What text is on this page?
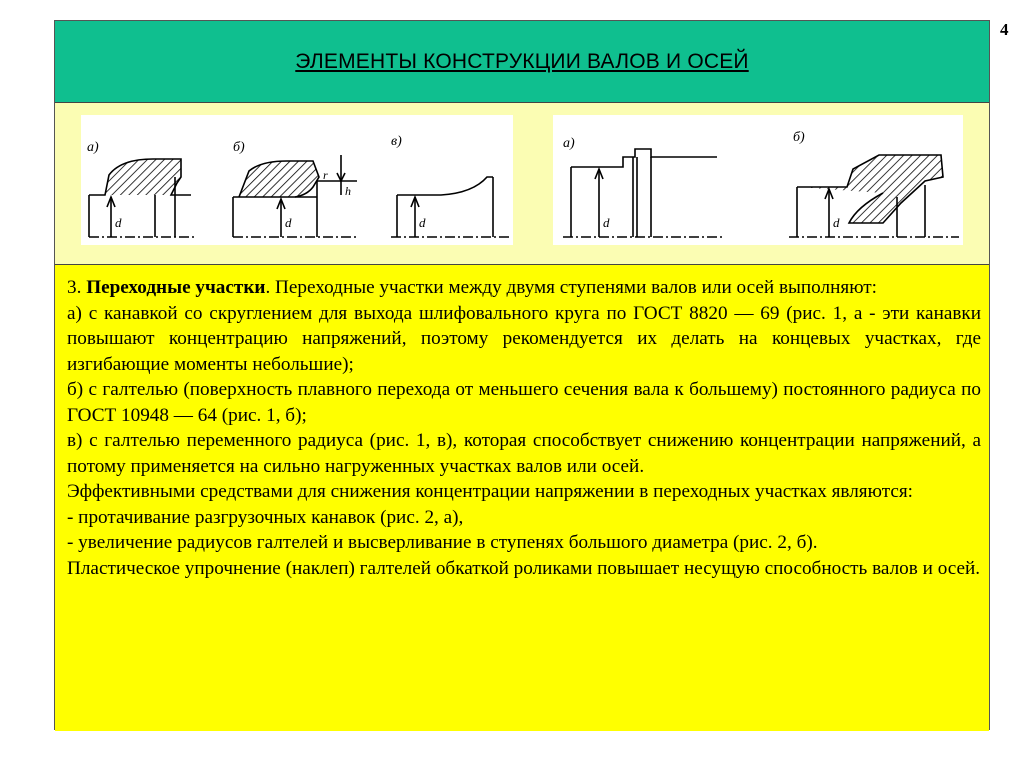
4
ЭЛЕМЕНТЫ КОНСТРУКЦИИ ВАЛОВ И ОСЕЙ
а)	б)	в)
d	d
r
h
d
а)	б)
d	d

3. Переходные участки. Переходные участки между двумя ступенями валов или осей выполняют:

а) с канавкой со скруглением для выхода шлифовального круга по ГОСТ 8820 — 69 (рис. 1, а - эти канавки повышают концентрацию напряжений, поэтому рекомендуется их делать на концевых участках, где изгибающие моменты небольшие);

б) с галтелью (поверхность плавного перехода от меньшего сечения вала к большему) постоянного радиуса по ГОСТ 10948 — 64 (рис. 1, б);

в) с галтелью переменного радиуса (рис. 1, в), которая способствует снижению концентрации напряжений, а потому применяется на сильно нагруженных участках валов или осей.

Эффективными средствами для снижения концентрации напряжении в переходных участках являются:

- протачивание разгрузочных канавок (рис. 2, а),

- увеличение радиусов галтелей и высверливание в ступенях большого диаметра (рис. 2, б).

Пластическое упрочнение (наклеп) галтелей обкаткой роликами повышает несущую способность валов и осей.
